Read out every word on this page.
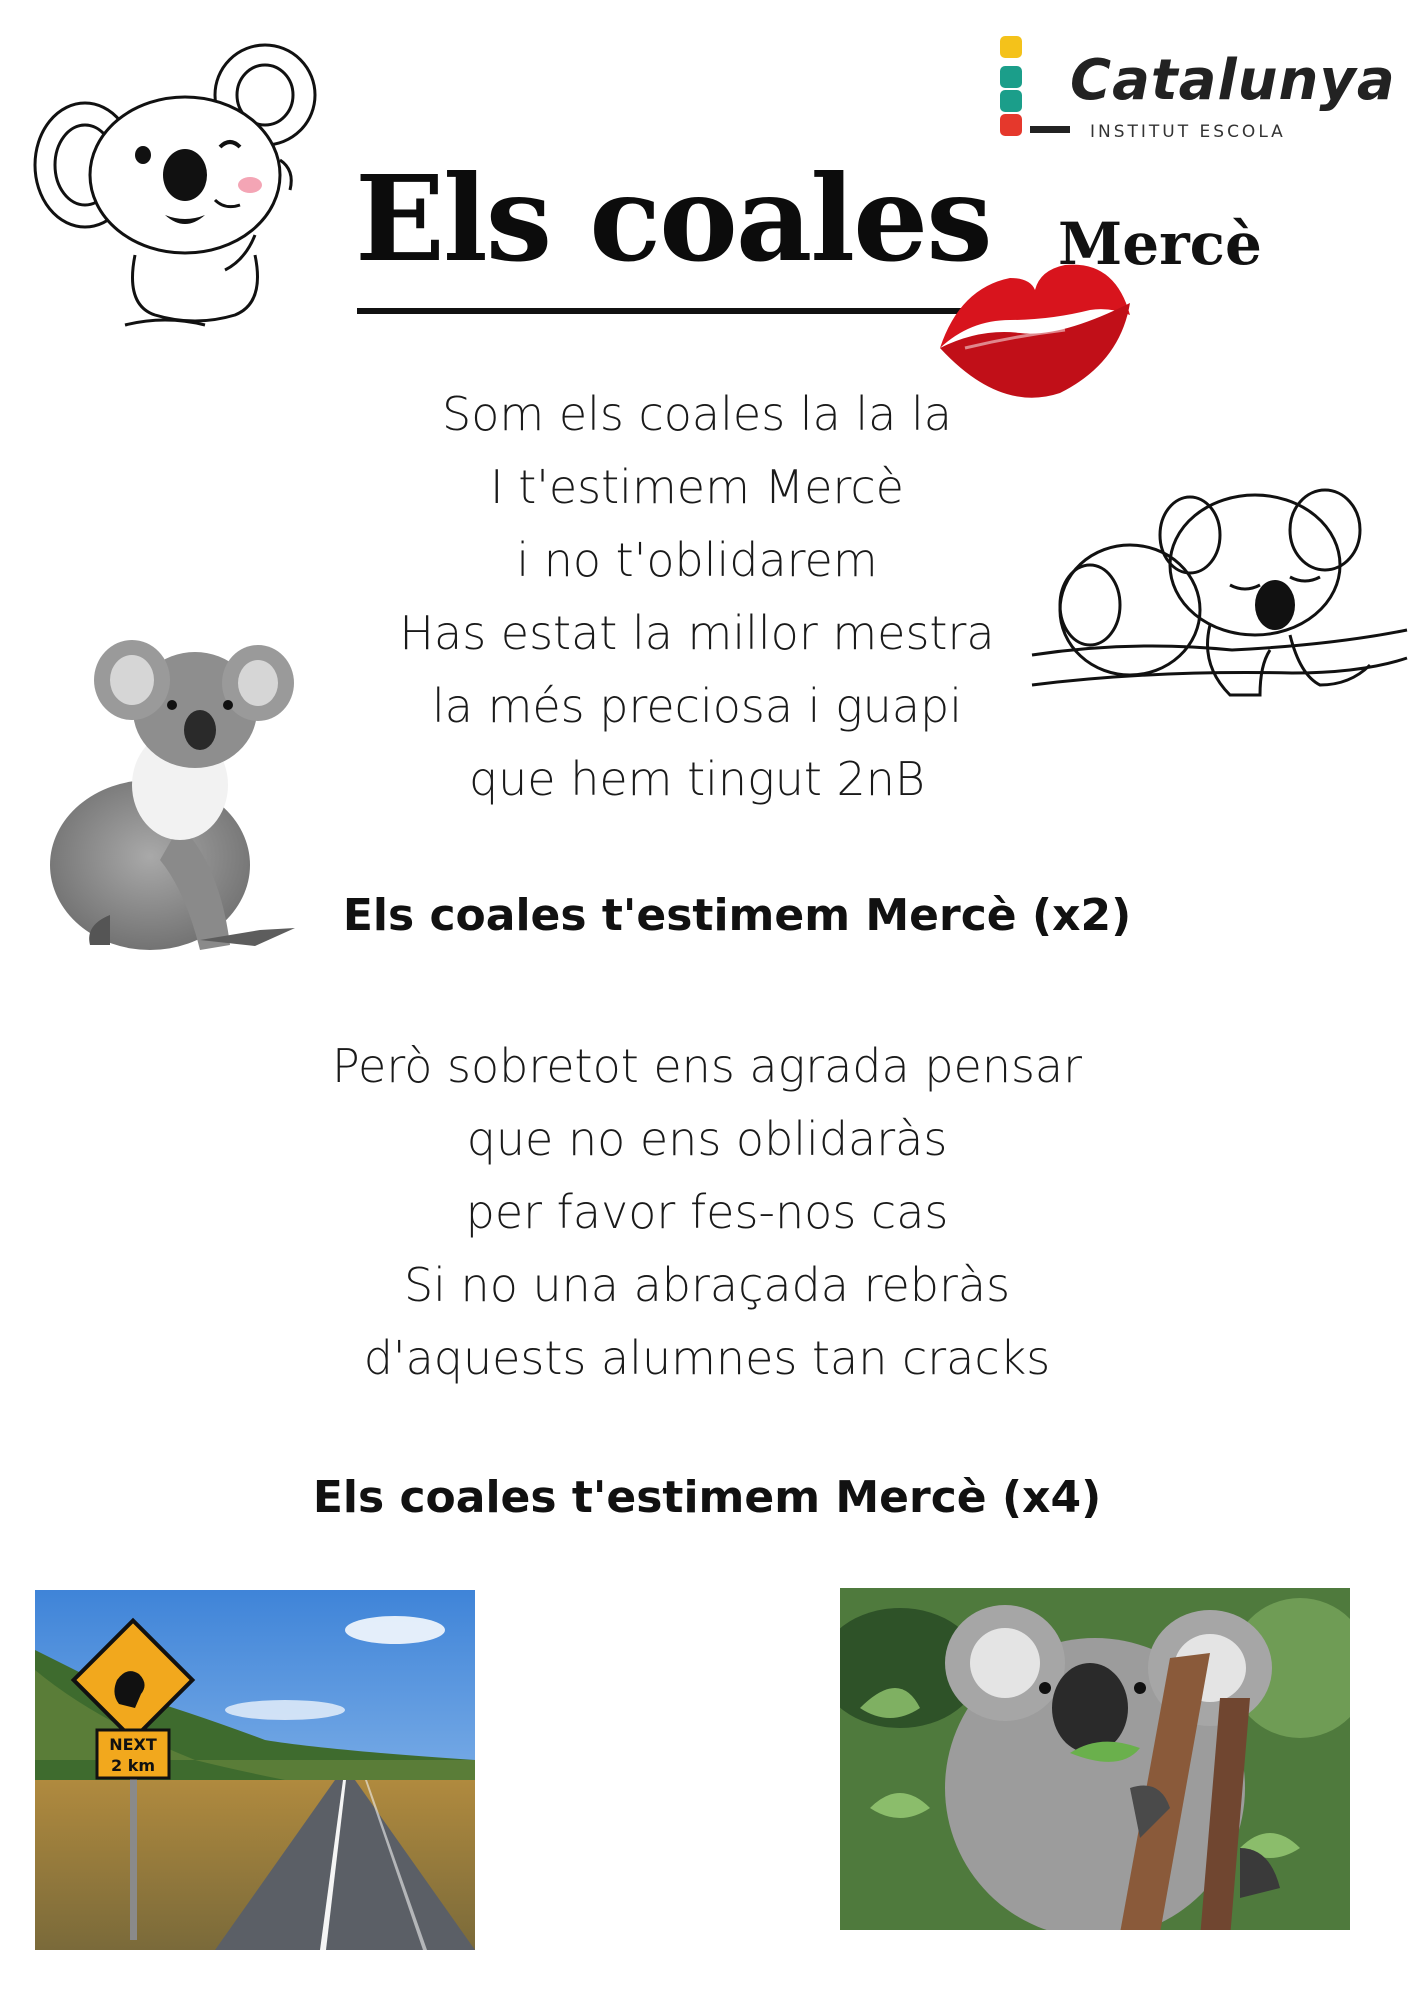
Catalunya
INSTITUT ESCOLA
Els coales Mercè
Som els coales la la la
I t'estimem Mercè
i no t'oblidarem
Has estat la millor mestra
la més preciosa i guapi
que hem tingut 2nB
Els coales t'estimem Mercè (x2)
Però sobretot ens agrada pensar
que no ens oblidaràs
per favor fes-nos cas
Si no una abraçada rebràs
d'aquests alumnes tan cracks
Els coales t'estimem Mercè (x4)
NEXT
2 km
